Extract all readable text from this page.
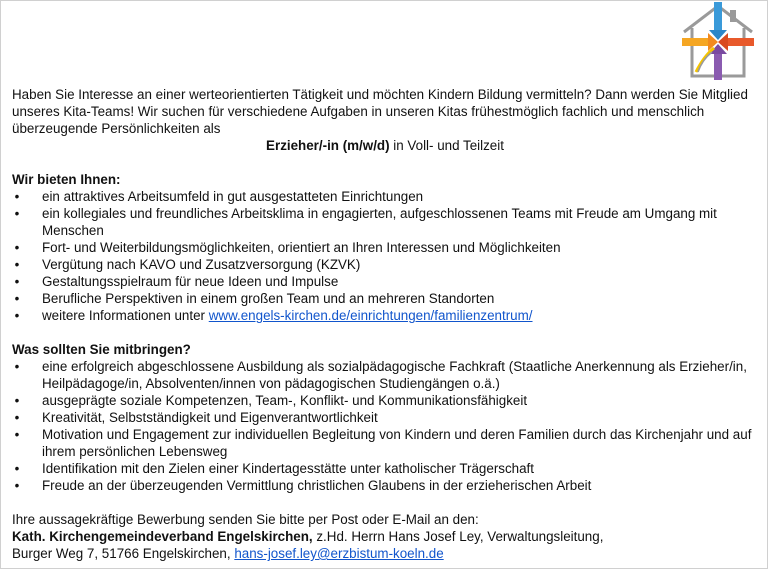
Haben Sie Interesse an einer werteorientierten Tätigkeit und möchten Kindern Bildung vermitteln? Dann werden Sie Mitglied unseres Kita-Teams! Wir suchen für verschiedene Aufgaben in unseren Kitas frühestmöglich fachlich und menschlich überzeugende Persönlichkeiten als

Erzieher/-in (m/w/d) in Voll- und Teilzeit

Wir bieten Ihnen:
• ein attraktives Arbeitsumfeld in gut ausgestatteten Einrichtungen
• ein kollegiales und freundliches Arbeitsklima in engagierten, aufgeschlossenen Teams mit Freude am Umgang mit Menschen
• Fort- und Weiterbildungsmöglichkeiten, orientiert an Ihren Interessen und Möglichkeiten
• Vergütung nach KAVO und Zusatzversorgung (KZVK)
• Gestaltungsspielraum für neue Ideen und Impulse
• Berufliche Perspektiven in einem großen Team und an mehreren Standorten
• weitere Informationen unter www.engels-kirchen.de/einrichtungen/familienzentrum/
Was sollten Sie mitbringen?
• eine erfolgreich abgeschlossene Ausbildung als sozialpädagogische Fachkraft (Staatliche Anerkennung als Erzieher/in, Heilpädagoge/in, Absolventen/innen von pädagogischen Studiengängen o.ä.)
• ausgeprägte soziale Kompetenzen, Team-, Konflikt- und Kommunikationsfähigkeit
• Kreativität, Selbstständigkeit und Eigenverantwortlichkeit
• Motivation und Engagement zur individuellen Begleitung von Kindern und deren Familien durch das Kirchenjahr und auf ihrem persönlichen Lebensweg
• Identifikation mit den Zielen einer Kindertagesstätte unter katholischer Trägerschaft
• Freude an der überzeugenden Vermittlung christlichen Glaubens in der erzieherischen Arbeit

Ihre aussagekräftige Bewerbung senden Sie bitte per Post oder E-Mail an den:

Kath. Kirchengemeindeverband Engelskirchen, z.Hd. Herrn Hans Josef Ley, Verwaltungsleitung,

Burger Weg 7, 51766 Engelskirchen, hans-josef.ley@erzbistum-koeln.de
